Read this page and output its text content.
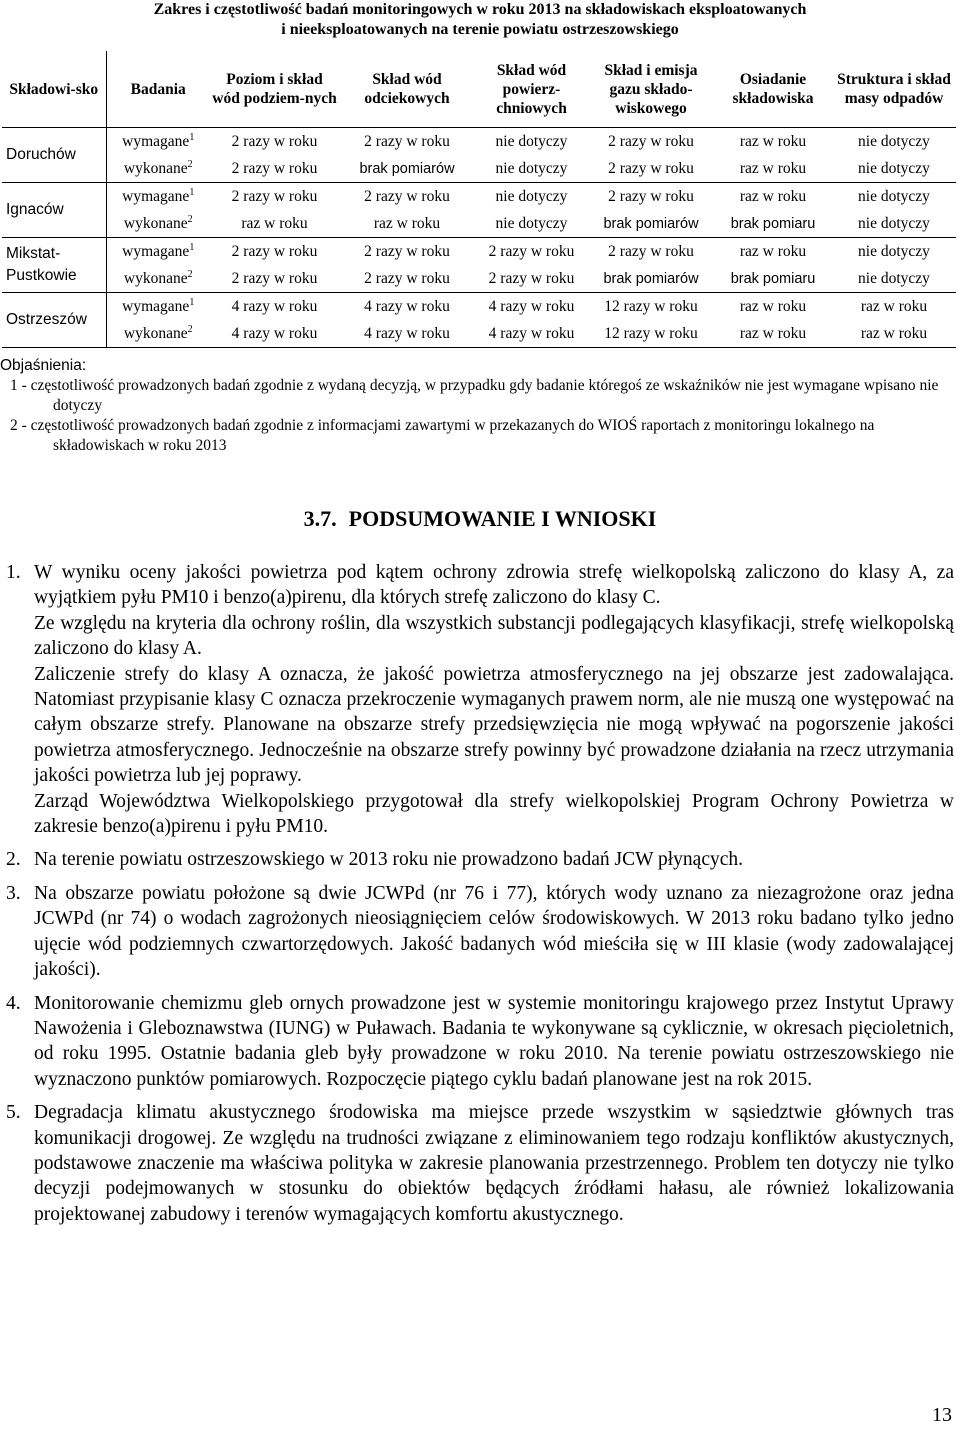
Zakres i częstotliwość badań monitoringowych w roku 2013 na składowiskach eksploatowanych
i nieeksploatowanych na terenie powiatu ostrzeszowskiego
Składowi-sko	Badania	Poziom i skład wód podziem-nych	Skład wód odciekowych	Skład wód powierz-chniowych	Skład i emisja gazu składo-wiskowego	Osiadanie składowiska	Struktura i skład masy odpadów
Doruchów	wymagane$^1$	2 razy w roku	2 razy w roku	nie dotyczy	2 razy w roku	raz w roku	nie dotyczy
	wykonane$^2$	2 razy w roku	brak pomiarów	nie dotyczy	2 razy w roku	raz w roku	nie dotyczy
Ignaców	wymagane$^1$	2 razy w roku	2 razy w roku	nie dotyczy	2 razy w roku	raz w roku	nie dotyczy
	wykonane$^2$	raz w roku	raz w roku	nie dotyczy	brak pomiarów	brak pomiaru	nie dotyczy
Mikstat-Pustkowie	wymagane$^1$	2 razy w roku	2 razy w roku	2 razy w roku	2 razy w roku	raz w roku	nie dotyczy
	wykonane$^2$	2 razy w roku	2 razy w roku	2 razy w roku	brak pomiarów	brak pomiaru	nie dotyczy
Ostrzeszów	wymagane$^1$	4 razy w roku	4 razy w roku	4 razy w roku	12 razy w roku	raz w roku	raz w roku
	wykonane$^2$	4 razy w roku	4 razy w roku	4 razy w roku	12 razy w roku	raz w roku	raz w roku

Objaśnienia:

1 - częstotliwość prowadzonych badań zgodnie z wydaną decyzją, w przypadku gdy badanie któregoś ze wskaźników nie jest wymagane wpisano nie dotyczy

2 - częstotliwość prowadzonych badań zgodnie z informacjami zawartymi w przekazanych do WIOŚ raportach z monitoringu lokalnego na składowiskach w roku 2013

3.7. PODSUMOWANIE I WNIOSKI
1. W wyniku oceny jakości powietrza pod kątem ochrony zdrowia strefę wielkopolską zaliczono do klasy A, za wyjątkiem pyłu PM10 i benzo(a)pirenu, dla których strefę zaliczono do klasy C.

Ze względu na kryteria dla ochrony roślin, dla wszystkich substancji podlegających klasyfikacji, strefę wielkopolską zaliczono do klasy A.

Zaliczenie strefy do klasy A oznacza, że jakość powietrza atmosferycznego na jej obszarze jest zadowalająca. Natomiast przypisanie klasy C oznacza przekroczenie wymaganych prawem norm, ale nie muszą one występować na całym obszarze strefy. Planowane na obszarze strefy przedsięwzięcia nie mogą wpływać na pogorszenie jakości powietrza atmosferycznego. Jednocześnie na obszarze strefy powinny być prowadzone działania na rzecz utrzymania jakości powietrza lub jej poprawy.

Zarząd Województwa Wielkopolskiego przygotował dla strefy wielkopolskiej Program Ochrony Powietrza w zakresie benzo(a)pirenu i pyłu PM10.

2. Na terenie powiatu ostrzeszowskiego w 2013 roku nie prowadzono badań JCW płynących.

3. Na obszarze powiatu położone są dwie JCWPd (nr 76 i 77), których wody uznano za niezagrożone oraz jedna JCWPd (nr 74) o wodach zagrożonych nieosiągnięciem celów środowiskowych. W 2013 roku badano tylko jedno ujęcie wód podziemnych czwartorzędowych. Jakość badanych wód mieściła się w III klasie (wody zadowalającej jakości).

4. Monitorowanie chemizmu gleb ornych prowadzone jest w systemie monitoringu krajowego przez Instytut Uprawy Nawożenia i Gleboznawstwa (IUNG) w Puławach. Badania te wykonywane są cyklicznie, w okresach pięcioletnich, od roku 1995. Ostatnie badania gleb były prowadzone w roku 2010. Na terenie powiatu ostrzeszowskiego nie wyznaczono punktów pomiarowych. Rozpoczęcie piątego cyklu badań planowane jest na rok 2015.

5. Degradacja klimatu akustycznego środowiska ma miejsce przede wszystkim w sąsiedztwie głównych tras komunikacji drogowej. Ze względu na trudności związane z eliminowaniem tego rodzaju konfliktów akustycznych, podstawowe znaczenie ma właściwa polityka w zakresie planowania przestrzennego. Problem ten dotyczy nie tylko decyzji podejmowanych w stosunku do obiektów będących źródłami hałasu, ale również lokalizowania projektowanej zabudowy i terenów wymagających komfortu akustycznego.

13
